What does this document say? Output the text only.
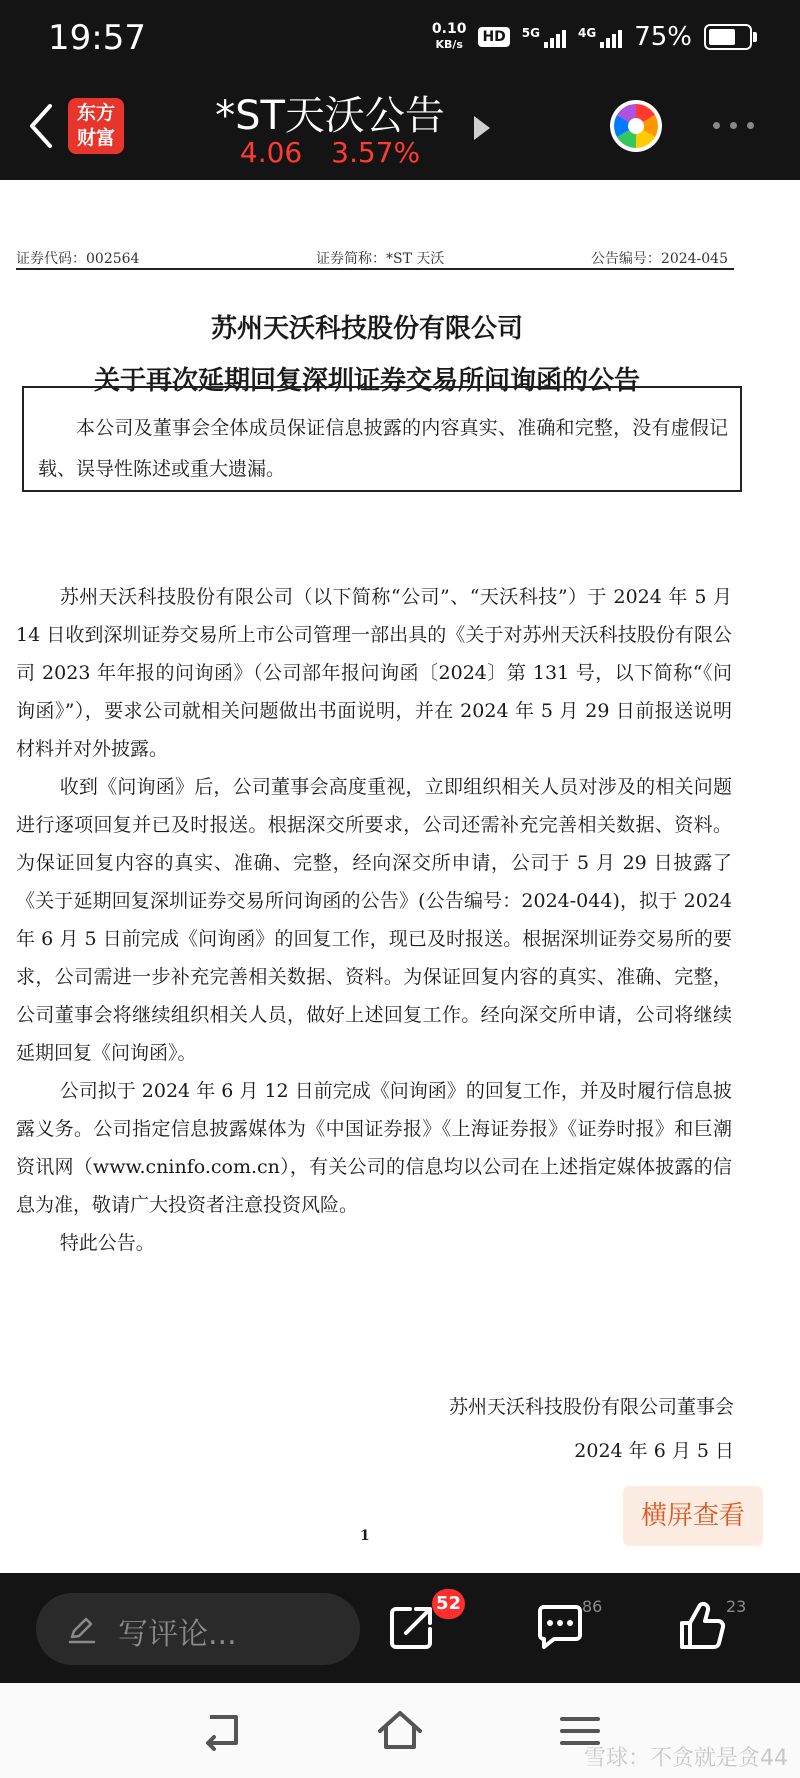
19:57	0.10
KB/s HD	5G	4G 75%
东方
财富	*ST天沃公告
4.06 3.57%
证券代码：002564	证券简称：*ST 天沃	公告编号：2024-045
苏州天沃科技股份有限公司
关于再次延期回复深圳证券交易所问询函的公告
本公司及董事会全体成员保证信息披露的内容真实、准确和完整，没有虚假记载、误导性陈述或重大遗漏。

苏州天沃科技股份有限公司（以下简称“公司”、“天沃科技”）于 2024 年 5 月 14 日收到深圳证券交易所上市公司管理一部出具的《关于对苏州天沃科技股份有限公司 2023 年年报的问询函》（公司部年报问询函〔2024〕第 131 号，以下简称“《问询函》”），要求公司就相关问题做出书面说明，并在 2024 年 5 月 29 日前报送说明材料并对外披露。

收到《问询函》后，公司董事会高度重视，立即组织相关人员对涉及的相关问题进行逐项回复并已及时报送。根据深交所要求，公司还需补充完善相关数据、资料。为保证回复内容的真实、准确、完整，经向深交所申请，公司于 5 月 29 日披露了《关于延期回复深圳证券交易所问询函的公告》(公告编号：2024-044)，拟于 2024 年 6 月 5 日前完成《问询函》的回复工作，现已及时报送。根据深圳证券交易所的要求，公司需进一步补充完善相关数据、资料。为保证回复内容的真实、准确、完整，公司董事会将继续组织相关人员，做好上述回复工作。经向深交所申请，公司将继续延期回复《问询函》。

公司拟于 2024 年 6 月 12 日前完成《问询函》的回复工作，并及时履行信息披露义务。公司指定信息披露媒体为《中国证券报》《上海证券报》《证券时报》和巨潮资讯网（www.cninfo.com.cn），有关公司的信息均以公司在上述指定媒体披露的信息为准，敬请广大投资者注意投资风险。

特此公告。

苏州天沃科技股份有限公司董事会
2024 年 6 月 5 日
1
横屏查看
写评论...
52	86	23
雪球：不贪就是贪44
